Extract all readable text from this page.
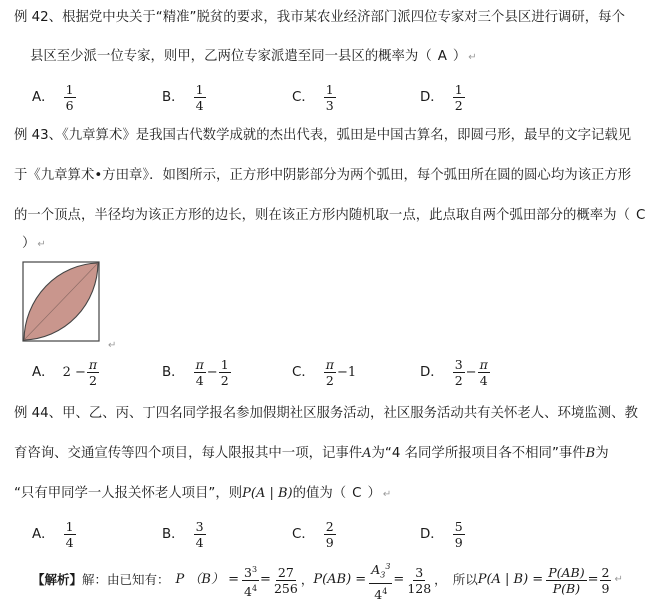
例 42、根据党中央关于“精准”脱贫的要求，我市某农业经济部门派四位专家对三个县区进行调研，每个
县区至少派一位专家，则甲，乙两位专家派遣至同一县区的概率为（ A ） ↵
A． $\frac{1}{6}$	B． $\frac{1}{4}$	C． $\frac{1}{3}$	D． $\frac{1}{2}$
例 43、《九章算术》是我国古代数学成就的杰出代表，弧田是中国古算名，即圆弓形，最早的文字记载见
于《九章算术•方田章》．如图所示，正方形中阴影部分为两个弧田，每个弧田所在圆的圆心均为该正方形
的一个顶点，半径均为该正方形的边长，则在该正方形内随机取一点，此点取自两个弧田部分的概率为（ C
） ↵
↵
A． $2 - \frac{\pi}{2}$	B． $\frac{\pi}{4} - \frac{1}{2}$	C． $\frac{\pi}{2} -1$	D． $\frac{3}{2} - \frac{\pi}{4}$
例 44、甲、乙、丙、丁四名同学报名参加假期社区服务活动，社区服务活动共有关怀老人、环境监测、教
育咨询、交通宣传等四个项目，每人限报其中一项，记事件A为“4 名同学所报项目各不相同”事件B为
“只有甲同学一人报关怀老人项目”，则P(A | B)的值为（ C ） ↵
A． $\frac{1}{4}$	B． $\frac{3}{4}$	C． $\frac{2}{9}$	D． $\frac{5}{9}$
【解析】 解：由已知有： P $(B) = \frac{3^3}{4^4} = \frac{27}{256}$ ， $P(AB) = \frac{A_3^3}{4^4} = \frac{3}{128}$ ， 所以 P(A | $B) = \frac{P(AB)}{P(B)} = \frac{2}{9}$ ↵
